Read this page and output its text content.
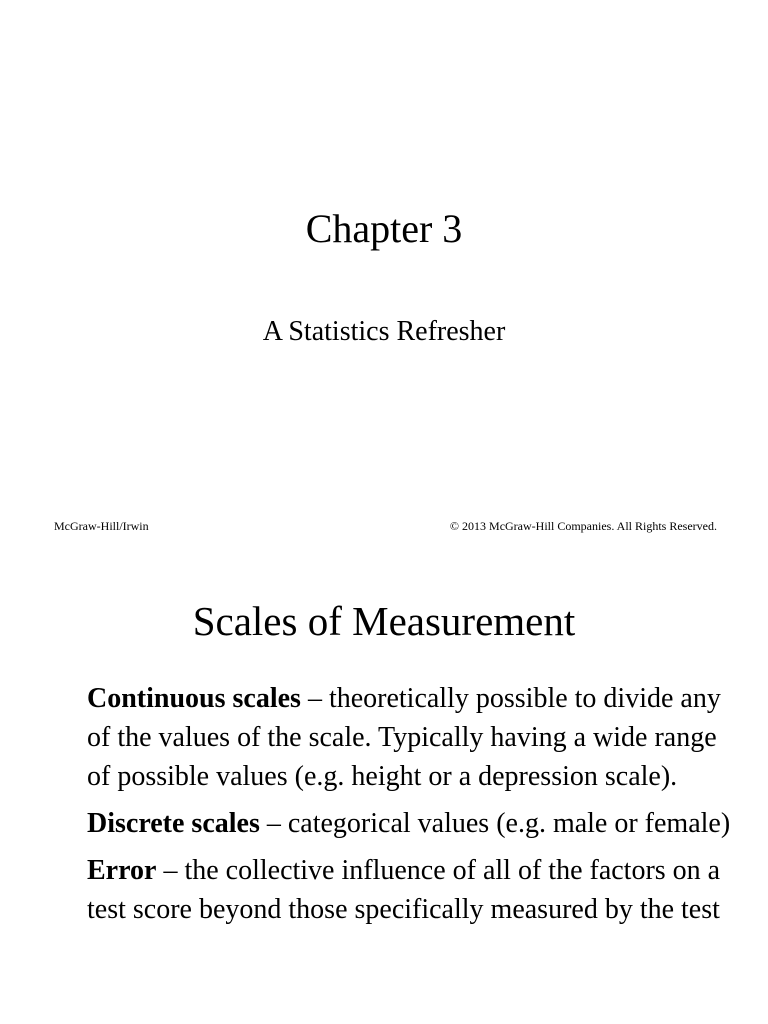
Chapter 3
A Statistics Refresher
McGraw-Hill/Irwin	© 2013 McGraw-Hill Companies. All Rights Reserved.
Scales of Measurement
Continuous scales – theoretically possible to divide any of the values of the scale. Typically having a wide range of possible values (e.g. height or a depression scale).
Discrete scales – categorical values (e.g. male or female)
Error – the collective influence of all of the factors on a test score beyond those specifically measured by the test
